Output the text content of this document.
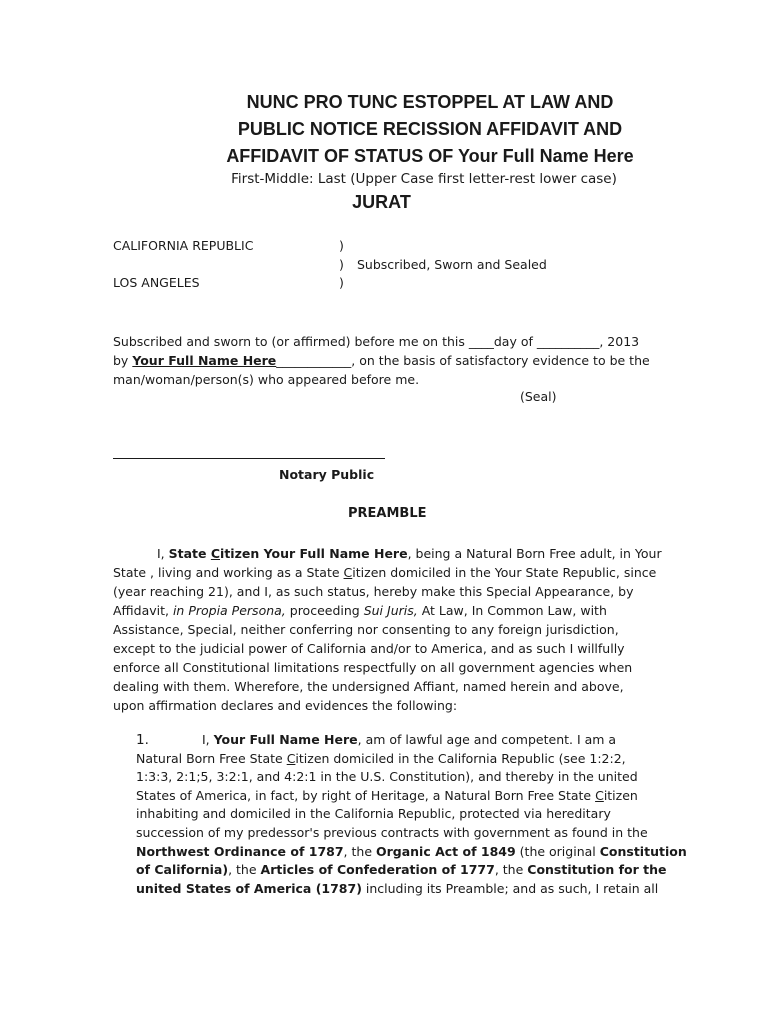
NUNC PRO TUNC ESTOPPEL AT LAW AND
PUBLIC NOTICE RECISSION AFFIDAVIT AND
AFFIDAVIT OF STATUS OF Your Full Name Here
First-Middle: Last (Upper Case first letter-rest lower case)
JURAT
CALIFORNIA REPUBLIC
LOS ANGELES
)
)
)
Subscribed, Sworn and Sealed
Subscribed and sworn to (or affirmed) before me on this ____day of __________, 2013
by Your Full Name Here____________, on the basis of satisfactory evidence to be the
man/woman/person(s) who appeared before me.
(Seal)
Notary Public
PREAMBLE
I, State Citizen Your Full Name Here, being a Natural Born Free adult, in Your
State , living and working as a State Citizen domiciled in the Your State Republic, since
(year reaching 21), and I, as such status, hereby make this Special Appearance, by
Affidavit, in Propia Persona, proceeding Sui Juris, At Law, In Common Law, with
Assistance, Special, neither conferring nor consenting to any foreign jurisdiction,
except to the judicial power of California and/or to America, and as such I willfully
enforce all Constitutional limitations respectfully on all government agencies when
dealing with them. Wherefore, the undersigned Affiant, named herein and above,
upon affirmation declares and evidences the following:
1.	I, Your Full Name Here, am of lawful age and competent. I am a
Natural Born Free State Citizen domiciled in the California Republic (see 1:2:2,
1:3:3, 2:1;5, 3:2:1, and 4:2:1 in the U.S. Constitution), and thereby in the united
States of America, in fact, by right of Heritage, a Natural Born Free State Citizen
inhabiting and domiciled in the California Republic, protected via hereditary
succession of my predessor's previous contracts with government as found in the
Northwest Ordinance of 1787, the Organic Act of 1849 (the original Constitution
of California), the Articles of Confederation of 1777, the Constitution for the
united States of America (1787) including its Preamble; and as such, I retain all
